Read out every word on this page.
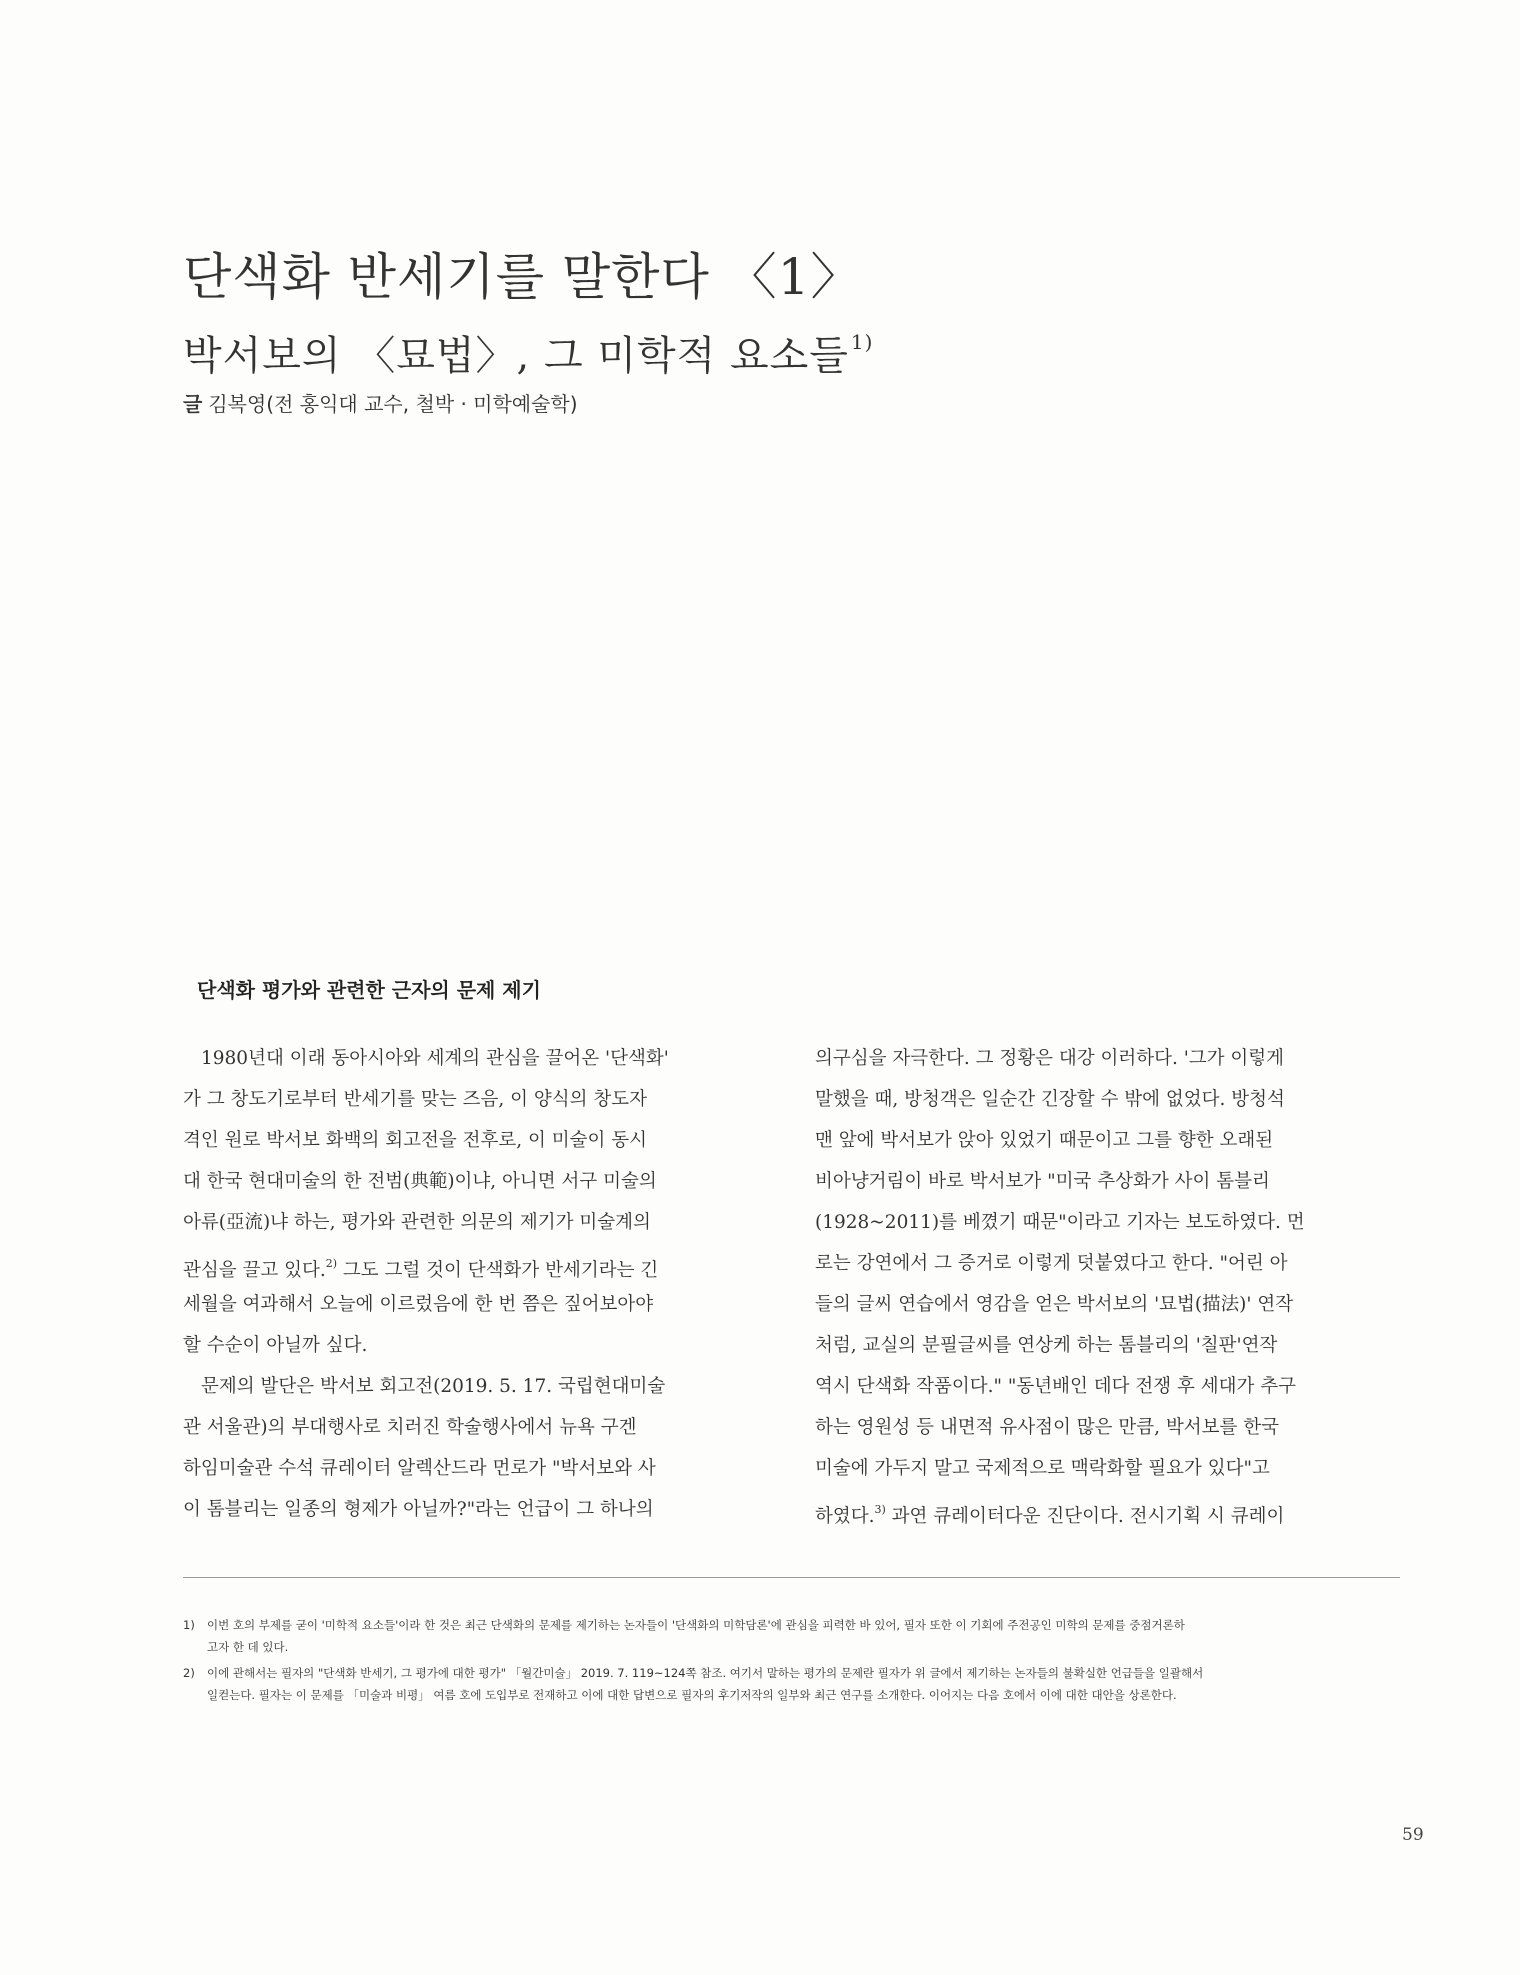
단색화 반세기를 말한다 〈1〉
박서보의 〈묘법〉, 그 미학적 요소들 $^{1)}$
글 김복영(전 홍익대 교수, 철박 · 미학예술학)
단색화 평가와 관련한 근자의 문제 제기
1980년대 이래 동아시아와 세계의 관심을 끌어온 '단색화'
가 그 창도기로부터 반세기를 맞는 즈음, 이 양식의 창도자
격인 원로 박서보 화백의 회고전을 전후로, 이 미술이 동시
대 한국 현대미술의 한 전범(典範)이냐, 아니면 서구 미술의
아류(亞流)냐 하는, 평가와 관련한 의문의 제기가 미술계의
관심을 끌고 있다.$^{2)}$ 그도 그럴 것이 단색화가 반세기라는 긴
세월을 여과해서 오늘에 이르렀음에 한 번 쯤은 짚어보아야
할 수순이 아닐까 싶다.
문제의 발단은 박서보 회고전(2019. 5. 17. 국립현대미술
관 서울관)의 부대행사로 치러진 학술행사에서 뉴욕 구겐
하임미술관 수석 큐레이터 알렉산드라 먼로가 "박서보와 사
이 톰블리는 일종의 형제가 아닐까?"라는 언급이 그 하나의
의구심을 자극한다. 그 정황은 대강 이러하다. '그가 이렇게
말했을 때, 방청객은 일순간 긴장할 수 밖에 없었다. 방청석
맨 앞에 박서보가 앉아 있었기 때문이고 그를 향한 오래된
비아냥거림이 바로 박서보가 "미국 추상화가 사이 톰블리
(1928~2011)를 베꼈기 때문"이라고 기자는 보도하였다. 먼
로는 강연에서 그 증거로 이렇게 덧붙였다고 한다. "어린 아
들의 글씨 연습에서 영감을 얻은 박서보의 '묘법(描法)' 연작
처럼, 교실의 분필글씨를 연상케 하는 톰블리의 '칠판'연작
역시 단색화 작품이다." "동년배인 데다 전쟁 후 세대가 추구
하는 영원성 등 내면적 유사점이 많은 만큼, 박서보를 한국
미술에 가두지 말고 국제적으로 맥락화할 필요가 있다"고
하였다.$^{3)}$ 과연 큐레이터다운 진단이다. 전시기획 시 큐레이
1) 이번 호의 부제를 굳이 '미학적 요소들'이라 한 것은 최근 단색화의 문제를 제기하는 논자들이 '단색화의 미학담론'에 관심을 피력한 바 있어, 필자 또한 이 기회에 주전공인 미학의 문제를 중점거론하
고자 한 데 있다.
2) 이에 관해서는 필자의 "단색화 반세기, 그 평가에 대한 평가" 「월간미술」 2019. 7. 119~124쪽 참조. 여기서 말하는 평가의 문제란 필자가 위 글에서 제기하는 논자들의 불확실한 언급들을 일괄해서
일컫는다. 필자는 이 문제를 「미술과 비평」 여름 호에 도입부로 전재하고 이에 대한 답변으로 필자의 후기저작의 일부와 최근 연구를 소개한다. 이어지는 다음 호에서 이에 대한 대안을 상론한다.
59
